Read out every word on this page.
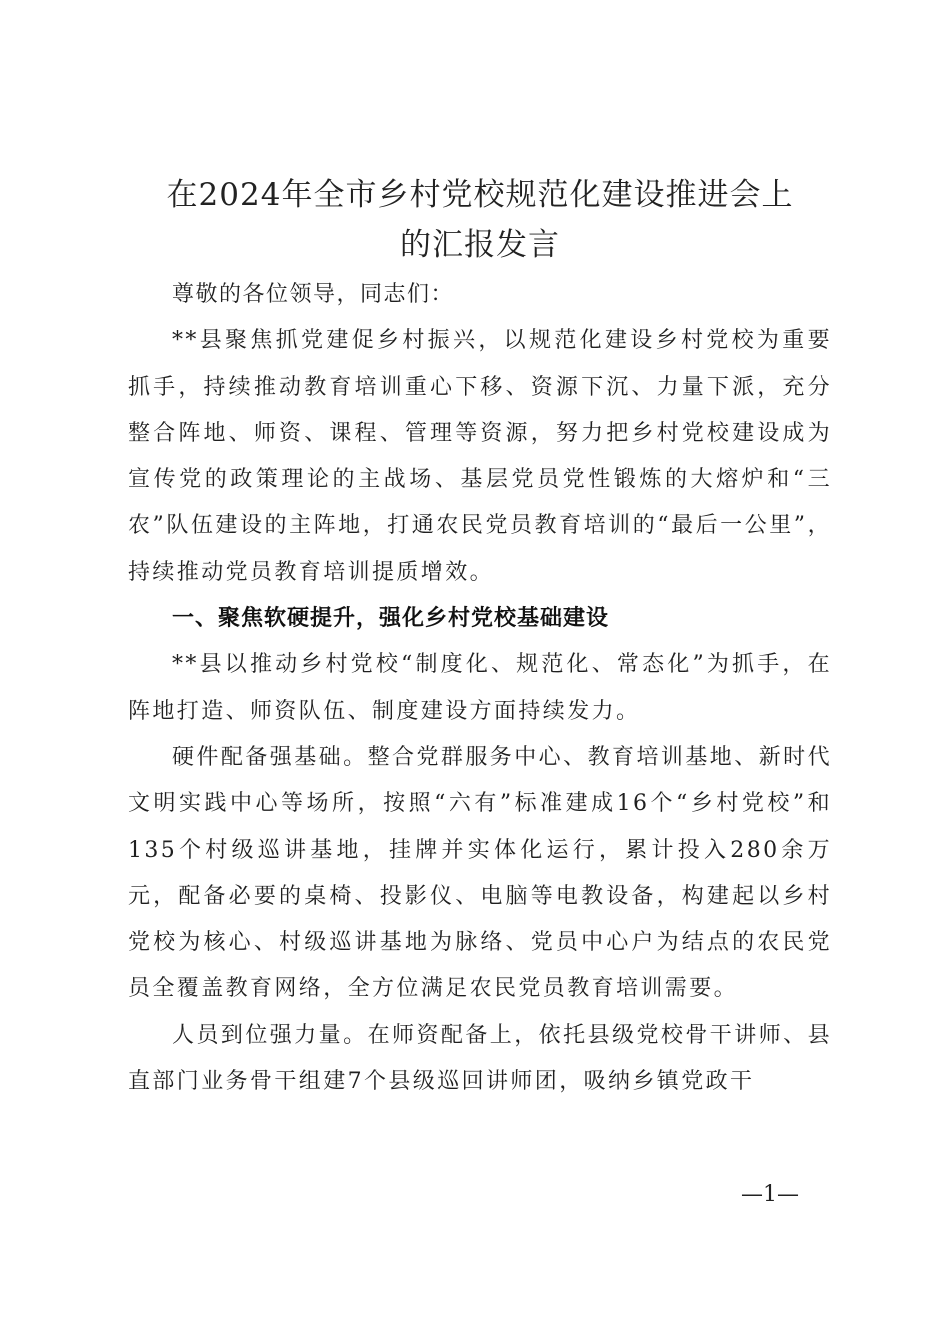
在2024年全市乡村党校规范化建设推进会上
的汇报发言

尊敬的各位领导，同志们：

**县聚焦抓党建促乡村振兴，以规范化建设乡村党校为重要抓手，持续推动教育培训重心下移、资源下沉、力量下派，充分整合阵地、师资、课程、管理等资源，努力把乡村党校建设成为宣传党的政策理论的主战场、基层党员党性锻炼的大熔炉和“三农”队伍建设的主阵地，打通农民党员教育培训的“最后一公里”，持续推动党员教育培训提质增效。

一、聚焦软硬提升，强化乡村党校基础建设

**县以推动乡村党校“制度化、规范化、常态化”为抓手，在阵地打造、师资队伍、制度建设方面持续发力。

硬件配备强基础。整合党群服务中心、教育培训基地、新时代文明实践中心等场所，按照“六有”标准建成16个“乡村党校”和135个村级巡讲基地，挂牌并实体化运行，累计投入280余万元，配备必要的桌椅、投影仪、电脑等电教设备，构建起以乡村党校为核心、村级巡讲基地为脉络、党员中心户为结点的农民党员全覆盖教育网络，全方位满足农民党员教育培训需要。

人员到位强力量。在师资配备上，依托县级党校骨干讲师、县直部门业务骨干组建7个县级巡回讲师团，吸纳乡镇党政干

—1—
